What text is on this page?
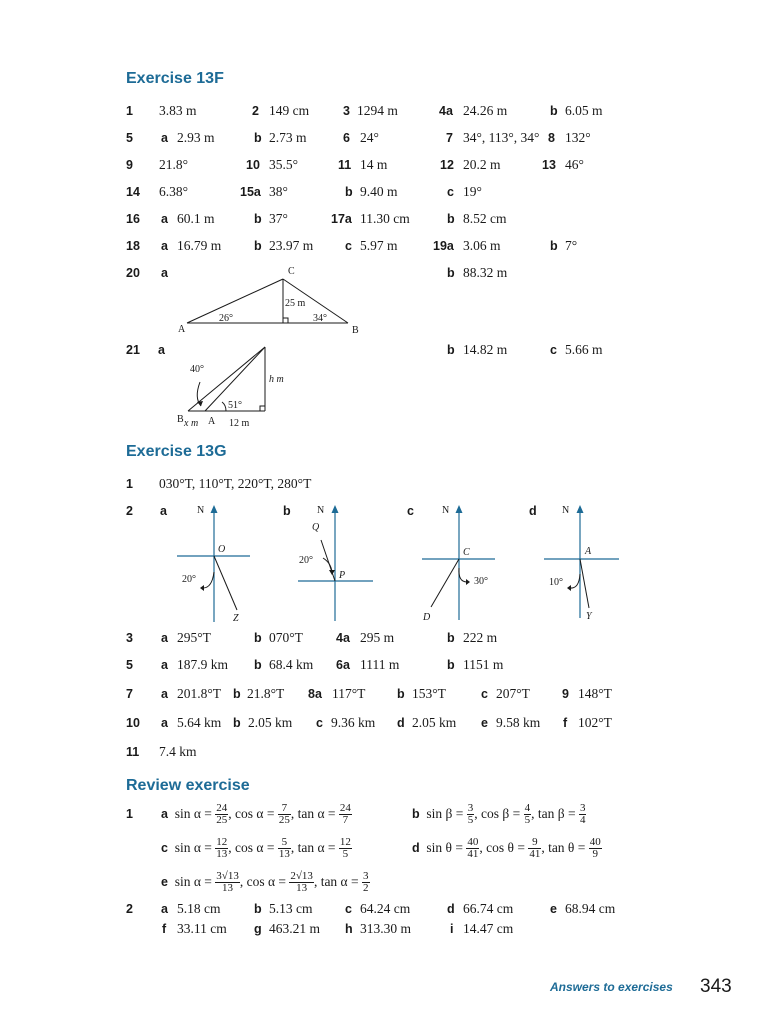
Exercise 13F
1 3.83 m	2 149 cm	3 1294 m	4a 24.26 m	b 6.05 m
5 a 2.93 m	b 2.73 m	6 24°	7 34°, 113°, 34° 8 132°
9 21.8°	10 35.5°	11 14 m	12 20.2 m	13 46°
14 6.38°	15a 38°	b 9.40 m	c 19°
16 a 60.1 m	b 37°	17a 11.30 cm	b 8.52 cm
18 a 16.79 m	b 23.97 m	c 5.97 m	19a 3.06 m	b 7°
20 a	b 88.32 m
C
25 m
26°	34°
A	B
21 a	b 14.82 m	c 5.66 m
40°
h m
51°
B x m A 12 m
Exercise 13G
1 030°T, 110°T, 220°T, 280°T
2 a	b	c	d
N
O
20°
Z
N
Q
20°
P
N
C
30°
D
N
A
10°
Y
3 a 295°T	b 070°T	4a 295 m	b 222 m
5 a 187.9 km b 68.4 km 6a 1111 m	b 1151 m
7 a 201.8°T b 21.8°T 8a 117°T	b 153°T	c 207°T	9 148°T
10 a 5.64 km b 2.05 km c 9.36 km d 2.05 km e 9.58 km f 102°T
11 7.4 km
Review exercise
1 a $\sin \alpha = \frac{24}{25}$ , $\cos \alpha = \frac{7}{25}$ , $\tan \alpha = \frac{24}{7}$	b $\sin \beta = \frac{3}{5}$ , $\cos \beta = \frac{4}{5}$ , $\tan \beta = \frac{3}{4}$
c $\sin \alpha = \frac{12}{13}$ , $\cos \alpha = \frac{5}{13}$ , $\tan \alpha = \frac{12}{5}$	d $\sin \theta = \frac{40}{41}$ , $\cos \theta = \frac{9}{41}$ , $\tan \theta = \frac{40}{9}$
e $\sin \alpha = \frac{3√13}{13}$ , $\cos \alpha = \frac{2√13}{13}$ , $\tan \alpha = \frac{3}{2}$
2 a 5.18 cm	b 5.13 cm	c 64.24 cm	d 66.74 cm	e 68.94 cm
f 33.11 cm g 463.21 m h 313.30 m	i 14.47 cm
Answers to exercises 343
